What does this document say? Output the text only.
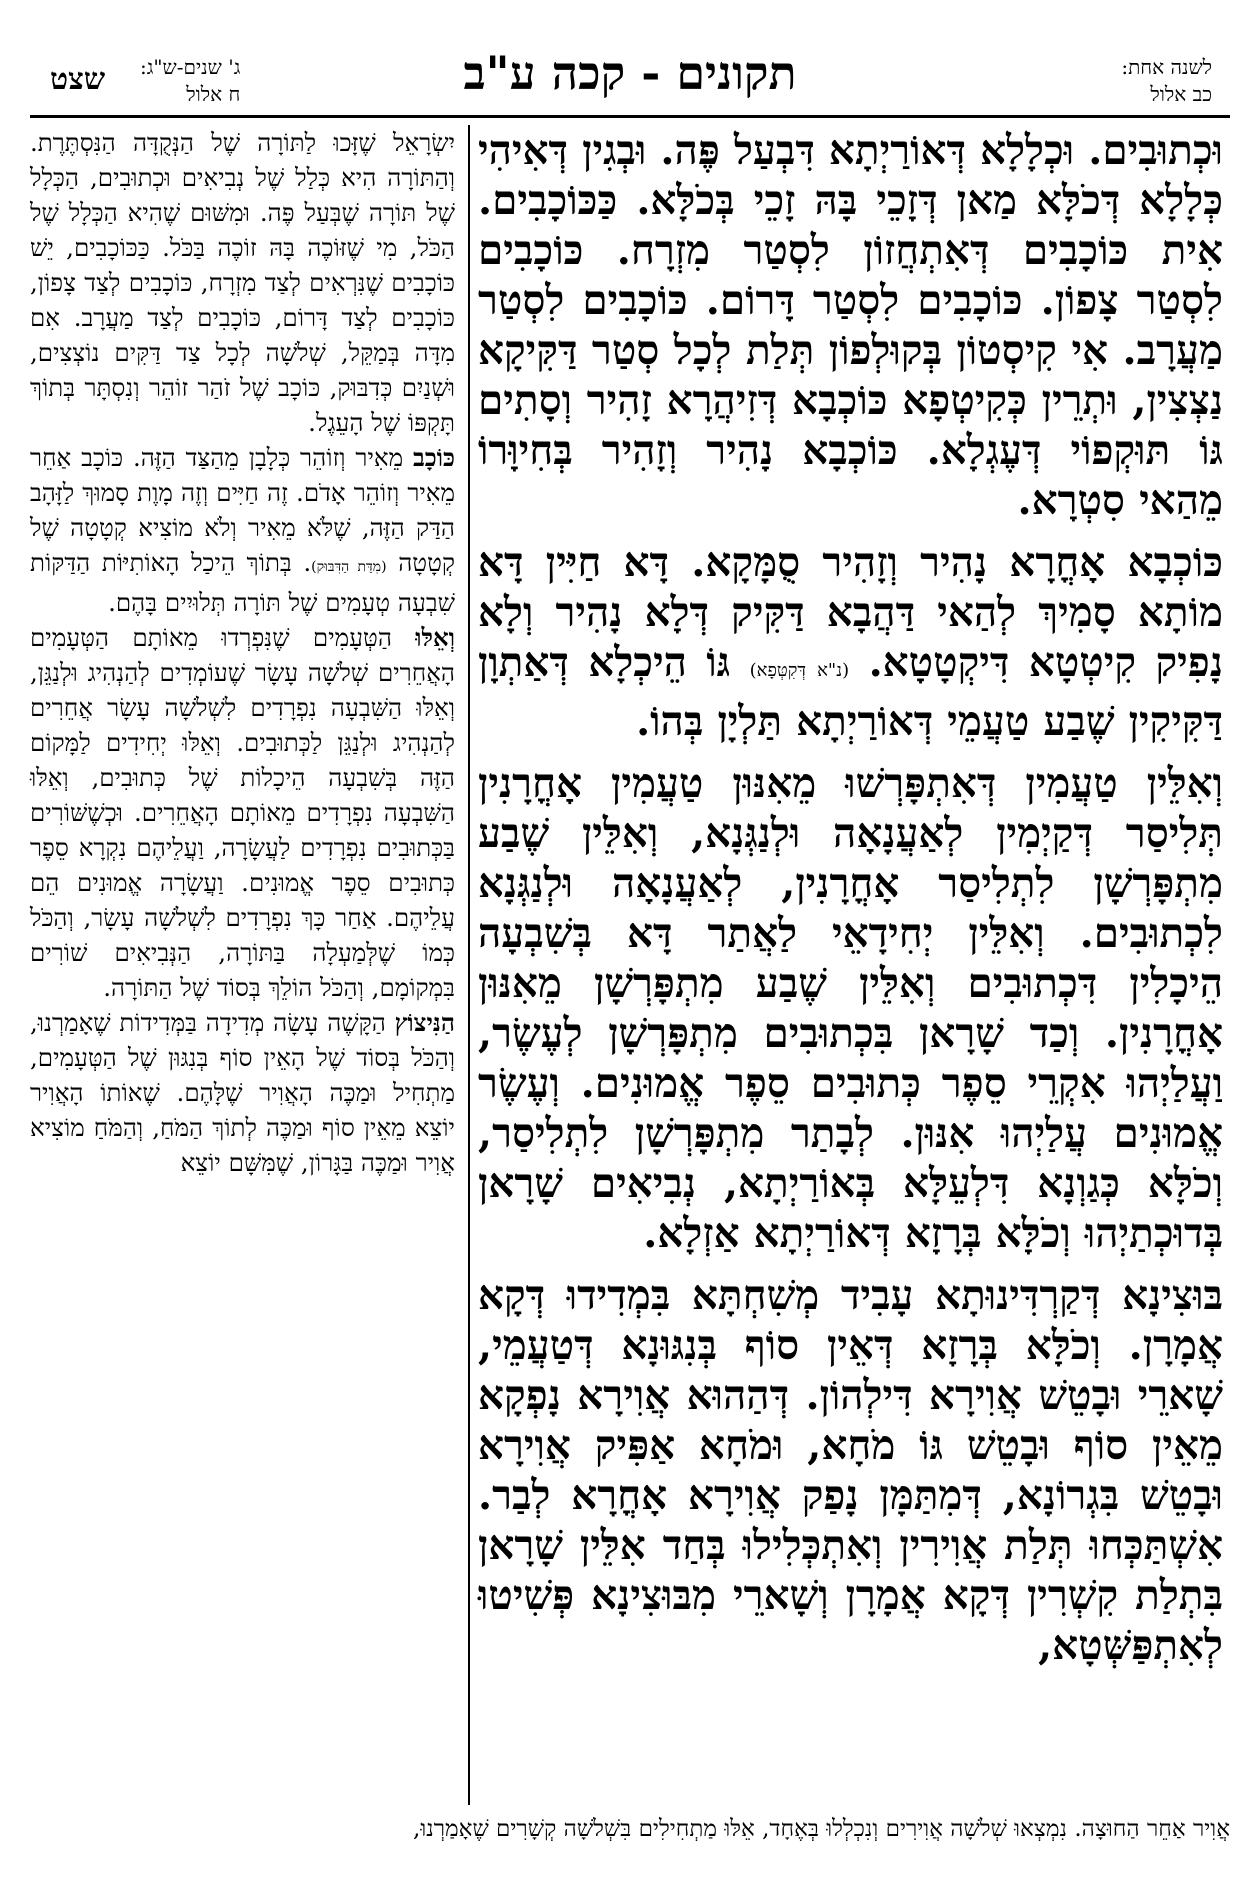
לשנה אחת:
כב אלול
תקונים - קכה ע"ב
ג' שנים-ש"ג:
ח אלול
שצט

וּכְתוּבִים. וּכְלָלָא דְּאוֹרַיְתָא דִּבְעַל פֶּה. וּבְגִין דְּאִיהִי כְּלָלָא דְּכֹלָּא מַאן דְּזָכֵי בָּהּ זָכֵי בְּכֹלָּא. כַּכּוֹכָבִים. אִית כּוֹכָבִים דְּאִתְחֲזוֹן לִסְטַר מִזְרָח. כּוֹכָבִים לִסְטַר צָפוֹן. כּוֹכָבִים לִסְטַר דָּרוֹם. כּוֹכָבִים לִסְטַר מַעֲרָב. אִי קִיסְטוֹן בְּקוּלְפוֹן תְּלַת לְכָל סְטַר דַּקִּיקָא נַצְצִין, וּתְרֵין כְּקִיטְפָא כּוֹכְבָא דְּזִיהֲרָא זָהִיר וְסָתִים גּוֹ תּוּקְפוֹי דְּעֶגְלָא. כּוֹכְבָא נָהִיר וְזָהִיר בְּחִיוָּרוֹ מֵהַאי סִטְרָא.

כּוֹכְבָא אָחֳרָא נָהִיר וְזָהִיר סֻמָּקָא. דָּא חַיִּין דָּא מוֹתָא סָמִיךְ לְהַאי דַּהֲבָא דַּקִּיק דְּלָא נָהִיר וְלָא נָפִיק קִיטְטָא דִּיקְטָטָא. (נ"א דְּקִטְּפָא) גּוֹ הֵיכְלָא דְּאַתְוָן דַּקִּיקִין שֶׁבַע טַעֲמֵי דְּאוֹרַיְתָא תַּלְיָן בְּהוֹ.

וְאִלֵּין טַעֲמִין דְּאִתְפָּרְשׁוּ מֵאִנּוּן טַעֲמִין אָחֳרָנִין תְּלִיסַר דְּקַיְמִין לְאַעֲנָאָה וּלְנַגְּנָא, וְאִלֵּין שֶׁבַע מִתְפָּרְשָׁן לִתְלִיסַר אָחֳרָנִין, לְאַעֲנָאָה וּלְנַגְּנָא לִכְתוּבִים. וְאִלֵּין יְחִידָאֵי לַאֲתַר דָּא בְּשִׁבְעָה הֵיכָלִין דִּכְתוּבִים וְאִלֵּין שֶׁבַע מִתְפָּרְשָׁן מֵאִנּוּן אָחֳרָנִין. וְכַד שָׁרָאן בִּכְתוּבִים מִתְפָּרְשָׁן לְעֶשֶׂר, וַעֲלַיְהוּ אִקְרֵי סֵפֶר כְּתוּבִים סֵפֶר אֱמוּנִים. וְעֶשֶׂר אֱמוּנִים עֲלַיְהוּ אִנּוּן. לְבָתַר מִתְפָּרְשָׁן לִתְלִיסַר, וְכֹלָּא כְּגַוְנָא דִּלְעֵלָּא בְּאוֹרַיְתָא, נְבִיאִים שָׁרָאן בְּדוּכְתַיְהוּ וְכֹלָּא בְּרָזָא דְּאוֹרַיְתָא אַזְלָא.

בּוּצִינָא דְּקַרְדִּינוּתָא עָבִיד מְשִׁחְתָּא בִּמְדִידוּ דְּקָא אֲמָרָן. וְכֹלָּא בְּרָזָא דְּאֵין סוֹף בְּנִגּוּנָא דְּטַעֲמֵי, שָׁארֵי וּבָטֵשׁ אֲוִירָא דִּילְהוֹן. דְּהַהוּא אֲוִירָא נָפְקָא מֵאֵין סוֹף וּבָטֵשׁ גּוֹ מֹחָא, וּמֹחָא אַפִּיק אֲוִירָא וּבָטֵשׁ בִּגְרוֹנָא, דְּמִתַּמָּן נָפַק אֲוִירָא אָחֳרָא לְבַר. אִשְׁתַּכְּחוּ תְּלַת אֲוִירִין וְאִתְכְּלִילוּ בְּחַד אִלֵּין שָׁרָאן בִּתְלַת קִשְׁרִין דְּקָא אֲמָרָן וְשָׁארֵי מִבּוּצִינָא פְּשִׁיטוּ לְאִתְפַּשְּׁטָא,

יִשְׂרָאֵל שֶׁזָּכוּ לַתּוֹרָה שֶׁל הַנְּקֻדָּה הַנִּסְתֶּרֶת. וְהַתּוֹרָה הִיא כְּלַל שֶׁל נְבִיאִים וּכְתוּבִים, הַכְּלָל שֶׁל תּוֹרָה שֶׁבְּעַל פֶּה. וּמִשּׁוּם שֶׁהִיא הַכְּלָל שֶׁל הַכֹּל, מִי שֶׁזּוֹכֶה בָּהּ זוֹכֶה בַּכֹּל. כַּכּוֹכָבִים, יֵשׁ כּוֹכָבִים שֶׁנִּרְאִים לְצַד מִזְרָח, כּוֹכָבִים לְצַד צָפוֹן, כּוֹכָבִים לְצַד דָּרוֹם, כּוֹכָבִים לְצַד מַעֲרָב. אִם מִדָּה בְּמַקֵּל, שְׁלֹשָׁה לְכָל צַד דַּקִּים נוֹצְצִים, וּשְׁנַיִם כְּדִבּוּק, כּוֹכָב שֶׁל זֹהַר זוֹהֵר וְנִסְתָּר בְּתוֹךְ תָּקְפּוֹ שֶׁל הָעֵגֶל.

כּוֹכָב מֵאִיר וְזוֹהֵר כְּלָבָן מֵהַצַּד הַזֶּה. כּוֹכָב אַחֵר מֵאִיר וְזוֹהֵר אָדֹם. זֶה חַיִּים וְזֶה מָוֶת סָמוּךְ לַזָּהָב הַדַּק הַזֶּה, שֶׁלֹּא מֵאִיר וְלֹא מוֹצִיא קְטָטָה שֶׁל קְטָטָה (מִדַּת הַדִּבּוּק). בְּתוֹךְ הֵיכַל הָאוֹתִיּוֹת הַדַּקּוֹת שִׁבְעָה טְעָמִים שֶׁל תּוֹרָה תְּלוּיִים בָּהֶם.

וְאֵלּוּ הַטְּעָמִים שֶׁנִּפְרְדוּ מֵאוֹתָם הַטְּעָמִים הָאֲחֵרִים שְׁלֹשָׁה עָשָׂר שֶׁעוֹמְדִים לְהַנְהִיג וּלְנַגֵּן, וְאֵלּוּ הַשִּׁבְעָה נִפְרָדִים לִשְׁלֹשָׁה עָשָׂר אֲחֵרִים לְהַנְהִיג וּלְנַגֵּן לַכְּתוּבִים. וְאֵלּוּ יְחִידִים לַמָּקוֹם הַזֶּה בְּשִׁבְעָה הֵיכָלוֹת שֶׁל כְּתוּבִים, וְאֵלּוּ הַשִּׁבְעָה נִפְרָדִים מֵאוֹתָם הָאֲחֵרִים. וּכְשֶׁשּׁוֹרִים בַּכְּתוּבִים נִפְרָדִים לַעֲשָׂרָה, וַעֲלֵיהֶם נִקְרָא סֵפֶר כְּתוּבִים סֵפֶר אֱמוּנִים. וַעֲשָׂרָה אֱמוּנִים הֵם עֲלֵיהֶם. אַחַר כָּךְ נִפְרָדִים לִשְׁלֹשָׁה עָשָׂר, וְהַכֹּל כְּמוֹ שֶׁלְּמַעְלָה בַּתּוֹרָה, הַנְּבִיאִים שׁוֹרִים בִּמְקוֹמָם, וְהַכֹּל הוֹלֵךְ בְּסוֹד שֶׁל הַתּוֹרָה.

הַנִּיצוֹץ הַקָּשֶׁה עָשָׂה מְדִידָה בַּמְּדִידוֹת שֶׁאָמַרְנוּ, וְהַכֹּל בְּסוֹד שֶׁל הָאֵין סוֹף בְּנִגּוּן שֶׁל הַטְּעָמִים, מַתְחִיל וּמַכֶּה הָאֲוִיר שֶׁלָּהֶם. שֶׁאוֹתוֹ הָאֲוִיר יוֹצֵא מֵאֵין סוֹף וּמַכֶּה לְתוֹךְ הַמֹּחַ, וְהַמֹּחַ מוֹצִיא אֲוִיר וּמַכֶּה בַּגָּרוֹן, שֶׁמִּשָּׁם יוֹצֵא

אֲוִיר אַחֵר הַחוּצָה. נִמְצְאוּ שְׁלֹשָׁה אֲוִירִים וְנִכְלְלוּ בְּאֶחָד, אֵלּוּ מַתְחִילִים בִּשְׁלֹשָׁה קְשָׁרִים שֶׁאָמַרְנוּ,
